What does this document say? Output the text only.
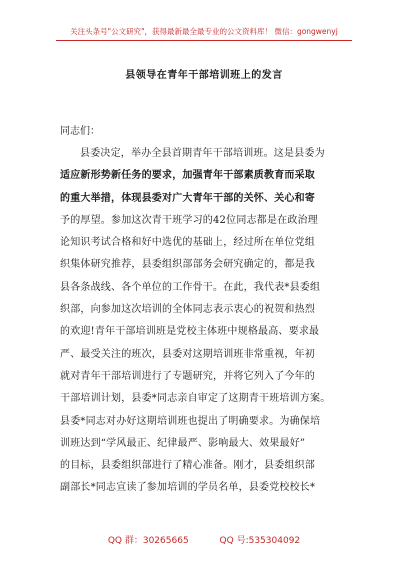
关注头条号"公文研究"，获得最新最全最专业的公文资料库！ 微信：gongwenyj
县领导在青年干部培训班上的发言
同志们：
县委决定，举办全县首期青年干部培训班。这是县委为
适应新形势新任务的要求，加强青年干部素质教育而采取
的重大举措，体现县委对广大青年干部的关怀、关心和寄
予的厚望。参加这次青干班学习的42位同志都是在政治理
论知识考试合格和好中选优的基础上，经过所在单位党组
织集体研究推荐，县委组织部部务会研究确定的，都是我
县各条战线、各个单位的工作骨干。在此，我代表*县委组
织部，向参加这次培训的全体同志表示衷心的祝贺和热烈
的欢迎!青年干部培训班是党校主体班中规格最高、要求最
严、最受关注的班次，县委对这期培训班非常重视，年初
就对青年干部培训进行了专题研究，并将它列入了今年的
干部培训计划，县委*同志亲自审定了这期青干班培训方案。
县委*同志对办好这期培训班也提出了明确要求。为确保培
训班达到“学风最正、纪律最严、影响最大、效果最好”
的目标，县委组织部进行了精心准备。刚才，县委组织部
副部长*同志宣读了参加培训的学员名单，县委党校校长*
QQ 群：30265665	QQ 号:535304092
